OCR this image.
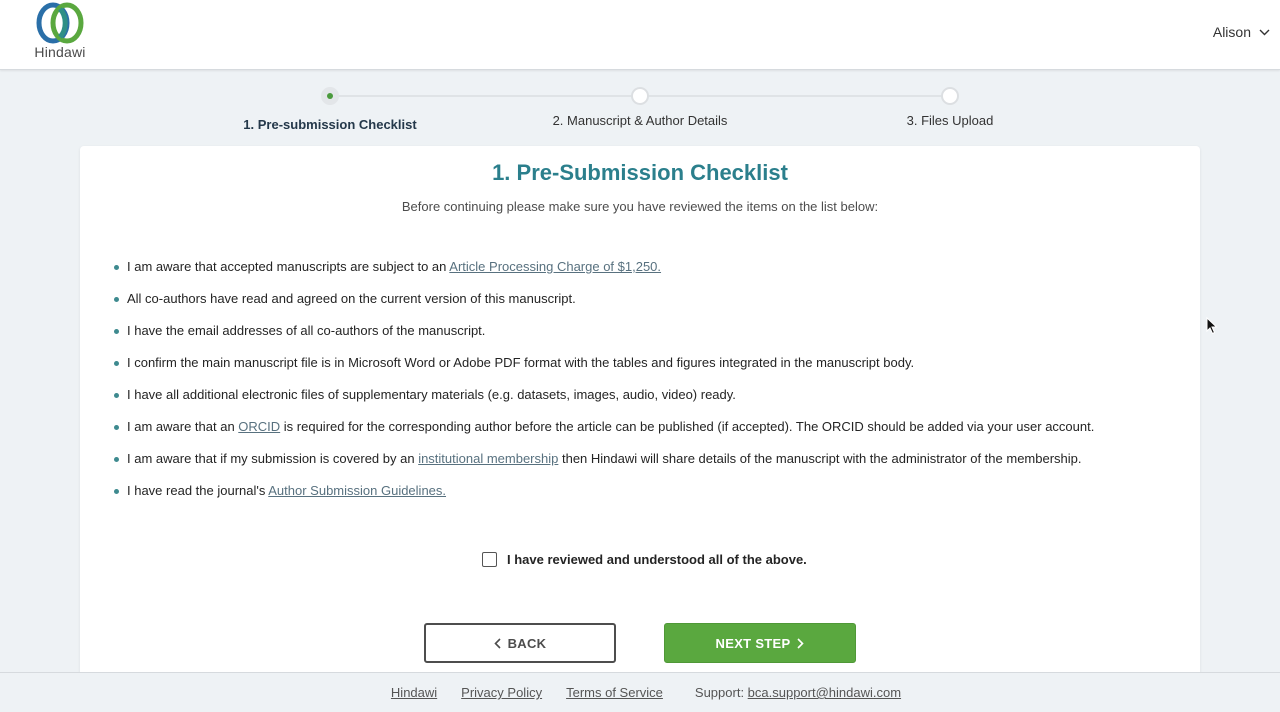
Hindawi
Alison
1. Pre-submission Checklist	2. Manuscript & Author Details	3. Files Upload
1. Pre-Submission Checklist
Before continuing please make sure you have reviewed the items on the list below:
I am aware that accepted manuscripts are subject to an Article Processing Charge of $1,250.
All co-authors have read and agreed on the current version of this manuscript.
I have the email addresses of all co-authors of the manuscript.
I confirm the main manuscript file is in Microsoft Word or Adobe PDF format with the tables and figures integrated in the manuscript body.
I have all additional electronic files of supplementary materials (e.g. datasets, images, audio, video) ready.
I am aware that an ORCID is required for the corresponding author before the article can be published (if accepted). The ORCID should be added via your user account.
I am aware that if my submission is covered by an institutional membership then Hindawi will share details of the manuscript with the administrator of the membership.
I have read the journal's Author Submission Guidelines.
I have reviewed and understood all of the above.
BACK	NEXT STEP
Hindawi Privacy Policy Terms of Service Support: bca.support@hindawi.com
